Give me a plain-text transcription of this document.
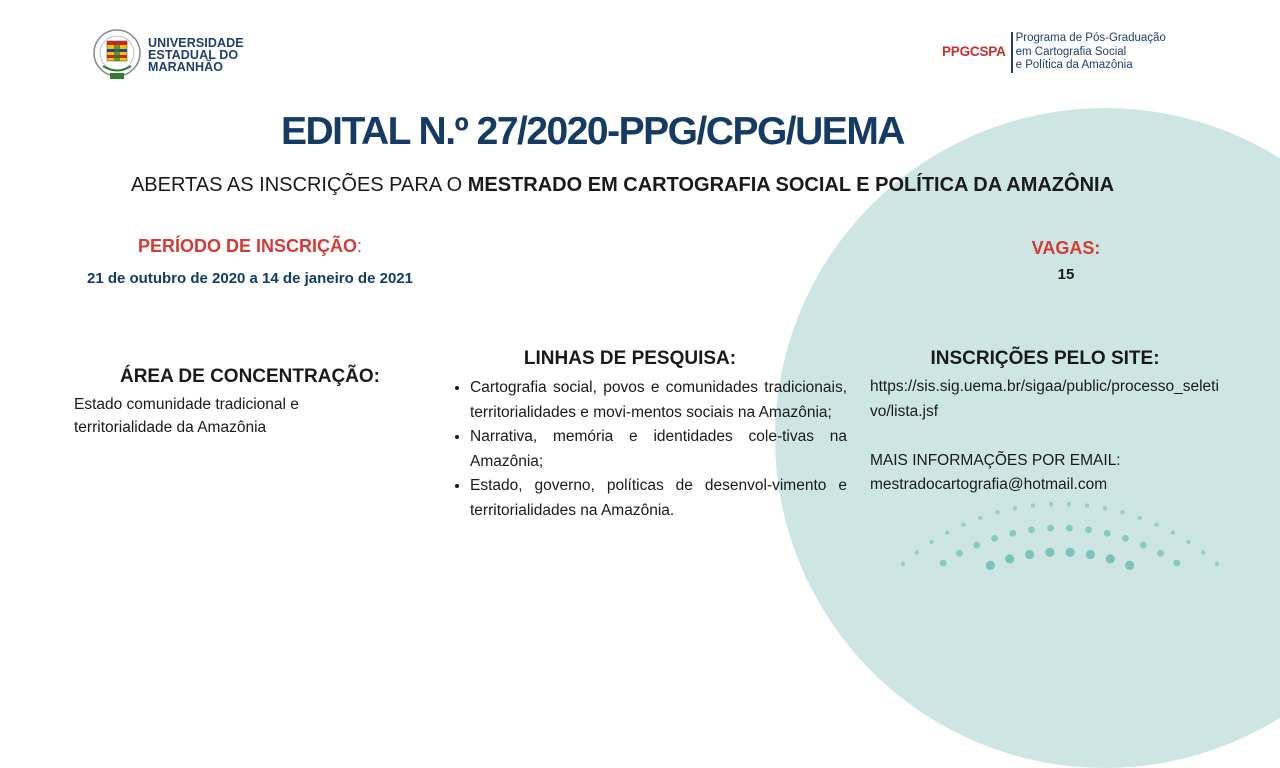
UNIVERSIDADE
ESTADUAL DO
MARANHÃO
PPGCSPA
Programa de Pós-Graduação
em Cartografia Social
e Política da Amazônia
EDITAL N.º 27/2020-PPG/CPG/UEMA
ABERTAS AS INSCRIÇÕES PARA O MESTRADO EM CARTOGRAFIA SOCIAL E POLÍTICA DA AMAZÔNIA
PERÍODO DE INSCRIÇÃO:
21 de outubro de 2020 a 14 de janeiro de 2021
VAGAS:
15
ÁREA DE CONCENTRAÇÃO:
Estado comunidade tradicional e territorialidade da Amazônia
LINHAS DE PESQUISA:
• Cartografia social, povos e comunidades tradicionais, territorialidades e movi-mentos sociais na Amazônia;
• Narrativa, memória e identidades cole-tivas na Amazônia;
• Estado, governo, políticas de desenvol-vimento e territorialidades na Amazônia.
INSCRIÇÕES PELO SITE:
https://sis.sig.uema.br/sigaa/public/processo_seletivo/lista.jsf
MAIS INFORMAÇÕES POR EMAIL:
mestradocartografia@hotmail.com
